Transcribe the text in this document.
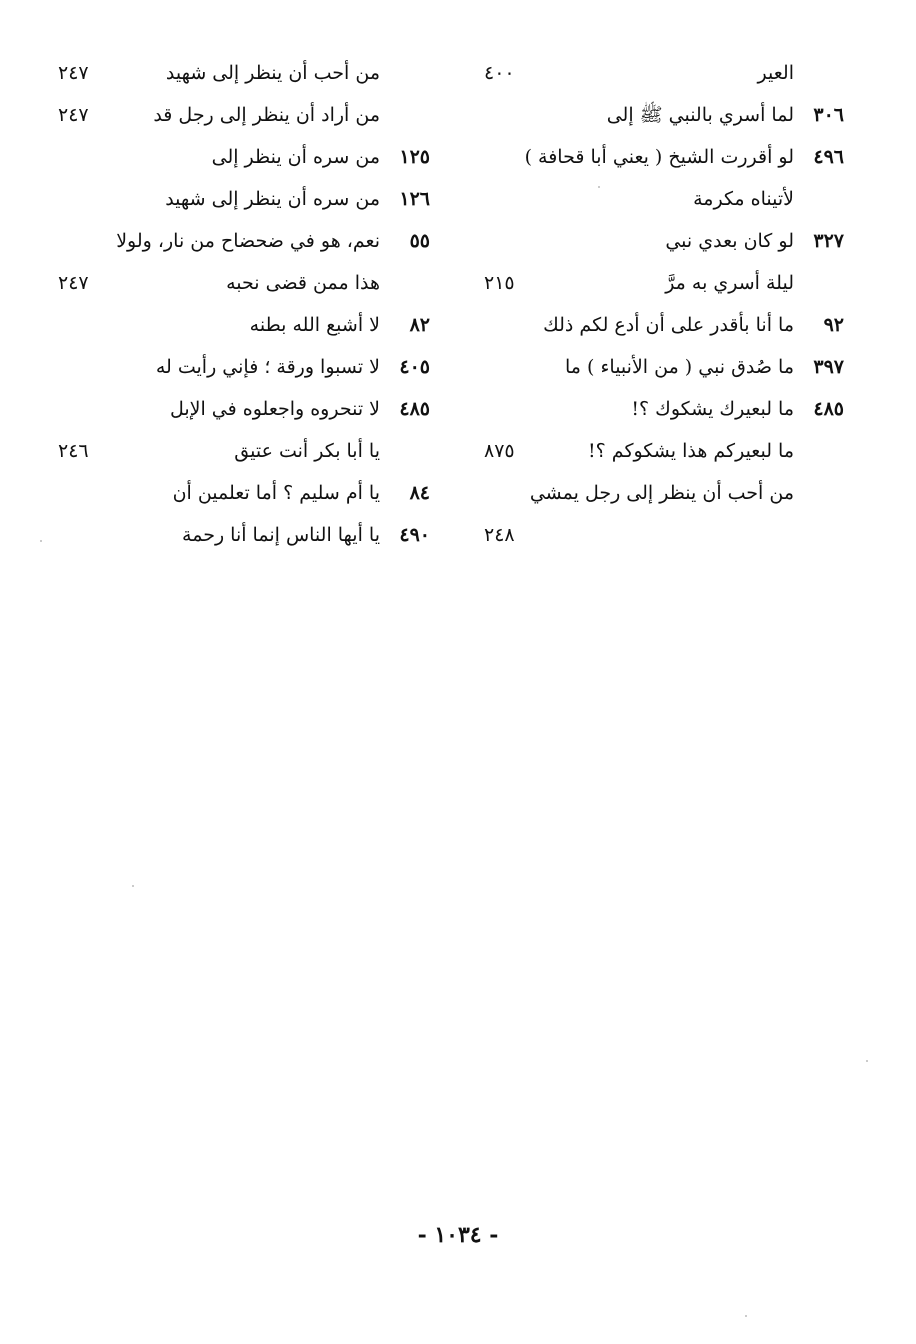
العير
٤٠٠
٣٠٦
لما أسري بالنبي ﷺ إلى
٤٩٦
لو أقررت الشيخ ( يعني أبا قحافة )
لأتيناه مكرمة
٣٢٧
لو كان بعدي نبي
ليلة أسري به مرَّ
٢١٥
٩٢
ما أنا بأقدر على أن أدع لكم ذلك
٣٩٧
ما صُدق نبي ( من الأنبياء ) ما
٤٨٥
ما لبعيرك يشكوك ؟!
ما لبعيركم هذا يشكوكم ؟!
٨٧٥
من أحب أن ينظر إلى رجل يمشي
٢٤٨
من أحب أن ينظر إلى شهيد
٢٤٧
من أراد أن ينظر إلى رجل قد
٢٤٧
١٢٥
من سره أن ينظر إلى
١٢٦
من سره أن ينظر إلى شهيد
٥٥
نعم، هو في ضحضاح من نار، ولولا
هذا ممن قضى نحبه
٢٤٧
٨٢
لا أشبع الله بطنه
٤٠٥
لا تسبوا ورقة ؛ فإني رأيت له
٤٨٥
لا تنحروه واجعلوه في الإبل
يا أبا بكر أنت عتيق
٢٤٦
٨٤
يا أم سليم ؟ أما تعلمين أن
٤٩٠
يا أيها الناس إنما أنا رحمة
- ١٠٣٤ -
